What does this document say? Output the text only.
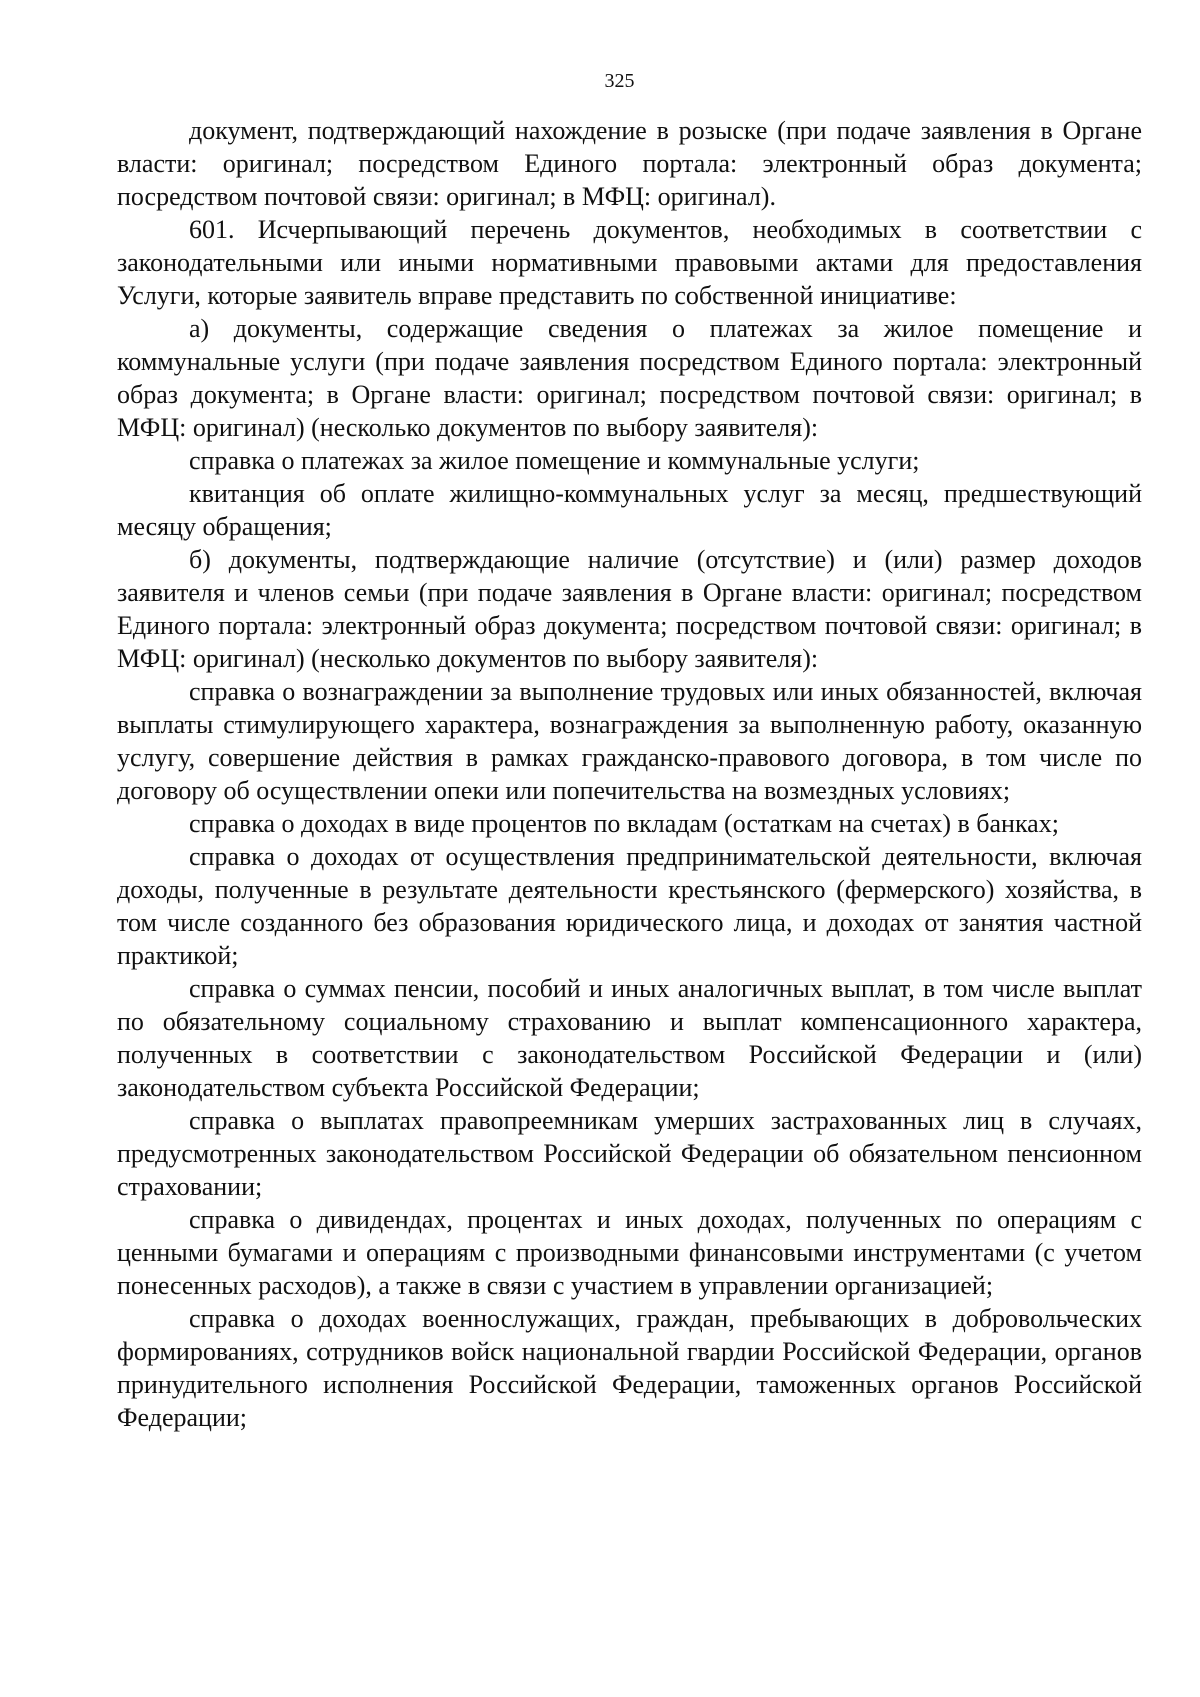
325

документ, подтверждающий нахождение в розыске (при подаче заявления в Органе власти: оригинал; посредством Единого портала: электронный образ документа; посредством почтовой связи: оригинал; в МФЦ: оригинал).

601. Исчерпывающий перечень документов, необходимых в соответствии с законодательными или иными нормативными правовыми актами для предоставления Услуги, которые заявитель вправе представить по собственной инициативе:

а) документы, содержащие сведения о платежах за жилое помещение и коммунальные услуги (при подаче заявления посредством Единого портала: электронный образ документа; в Органе власти: оригинал; посредством почтовой связи: оригинал; в МФЦ: оригинал) (несколько документов по выбору заявителя):

справка о платежах за жилое помещение и коммунальные услуги;

квитанция об оплате жилищно-коммунальных услуг за месяц, предшествующий месяцу обращения;

б) документы, подтверждающие наличие (отсутствие) и (или) размер доходов заявителя и членов семьи (при подаче заявления в Органе власти: оригинал; посредством Единого портала: электронный образ документа; посредством почтовой связи: оригинал; в МФЦ: оригинал) (несколько документов по выбору заявителя):

справка о вознаграждении за выполнение трудовых или иных обязанностей, включая выплаты стимулирующего характера, вознаграждения за выполненную работу, оказанную услугу, совершение действия в рамках гражданско-правового договора, в том числе по договору об осуществлении опеки или попечительства на возмездных условиях;

справка о доходах в виде процентов по вкладам (остаткам на счетах) в банках;

справка о доходах от осуществления предпринимательской деятельности, включая доходы, полученные в результате деятельности крестьянского (фермерского) хозяйства, в том числе созданного без образования юридического лица, и доходах от занятия частной практикой;

справка о суммах пенсии, пособий и иных аналогичных выплат, в том числе выплат по обязательному социальному страхованию и выплат компенсационного характера, полученных в соответствии с законодательством Российской Федерации и (или) законодательством субъекта Российской Федерации;

справка о выплатах правопреемникам умерших застрахованных лиц в случаях, предусмотренных законодательством Российской Федерации об обязательном пенсионном страховании;

справка о дивидендах, процентах и иных доходах, полученных по операциям с ценными бумагами и операциям с производными финансовыми инструментами (с учетом понесенных расходов), а также в связи с участием в управлении организацией;

справка о доходах военнослужащих, граждан, пребывающих в добровольческих формированиях, сотрудников войск национальной гвардии Российской Федерации, органов принудительного исполнения Российской Федерации, таможенных органов Российской Федерации;
